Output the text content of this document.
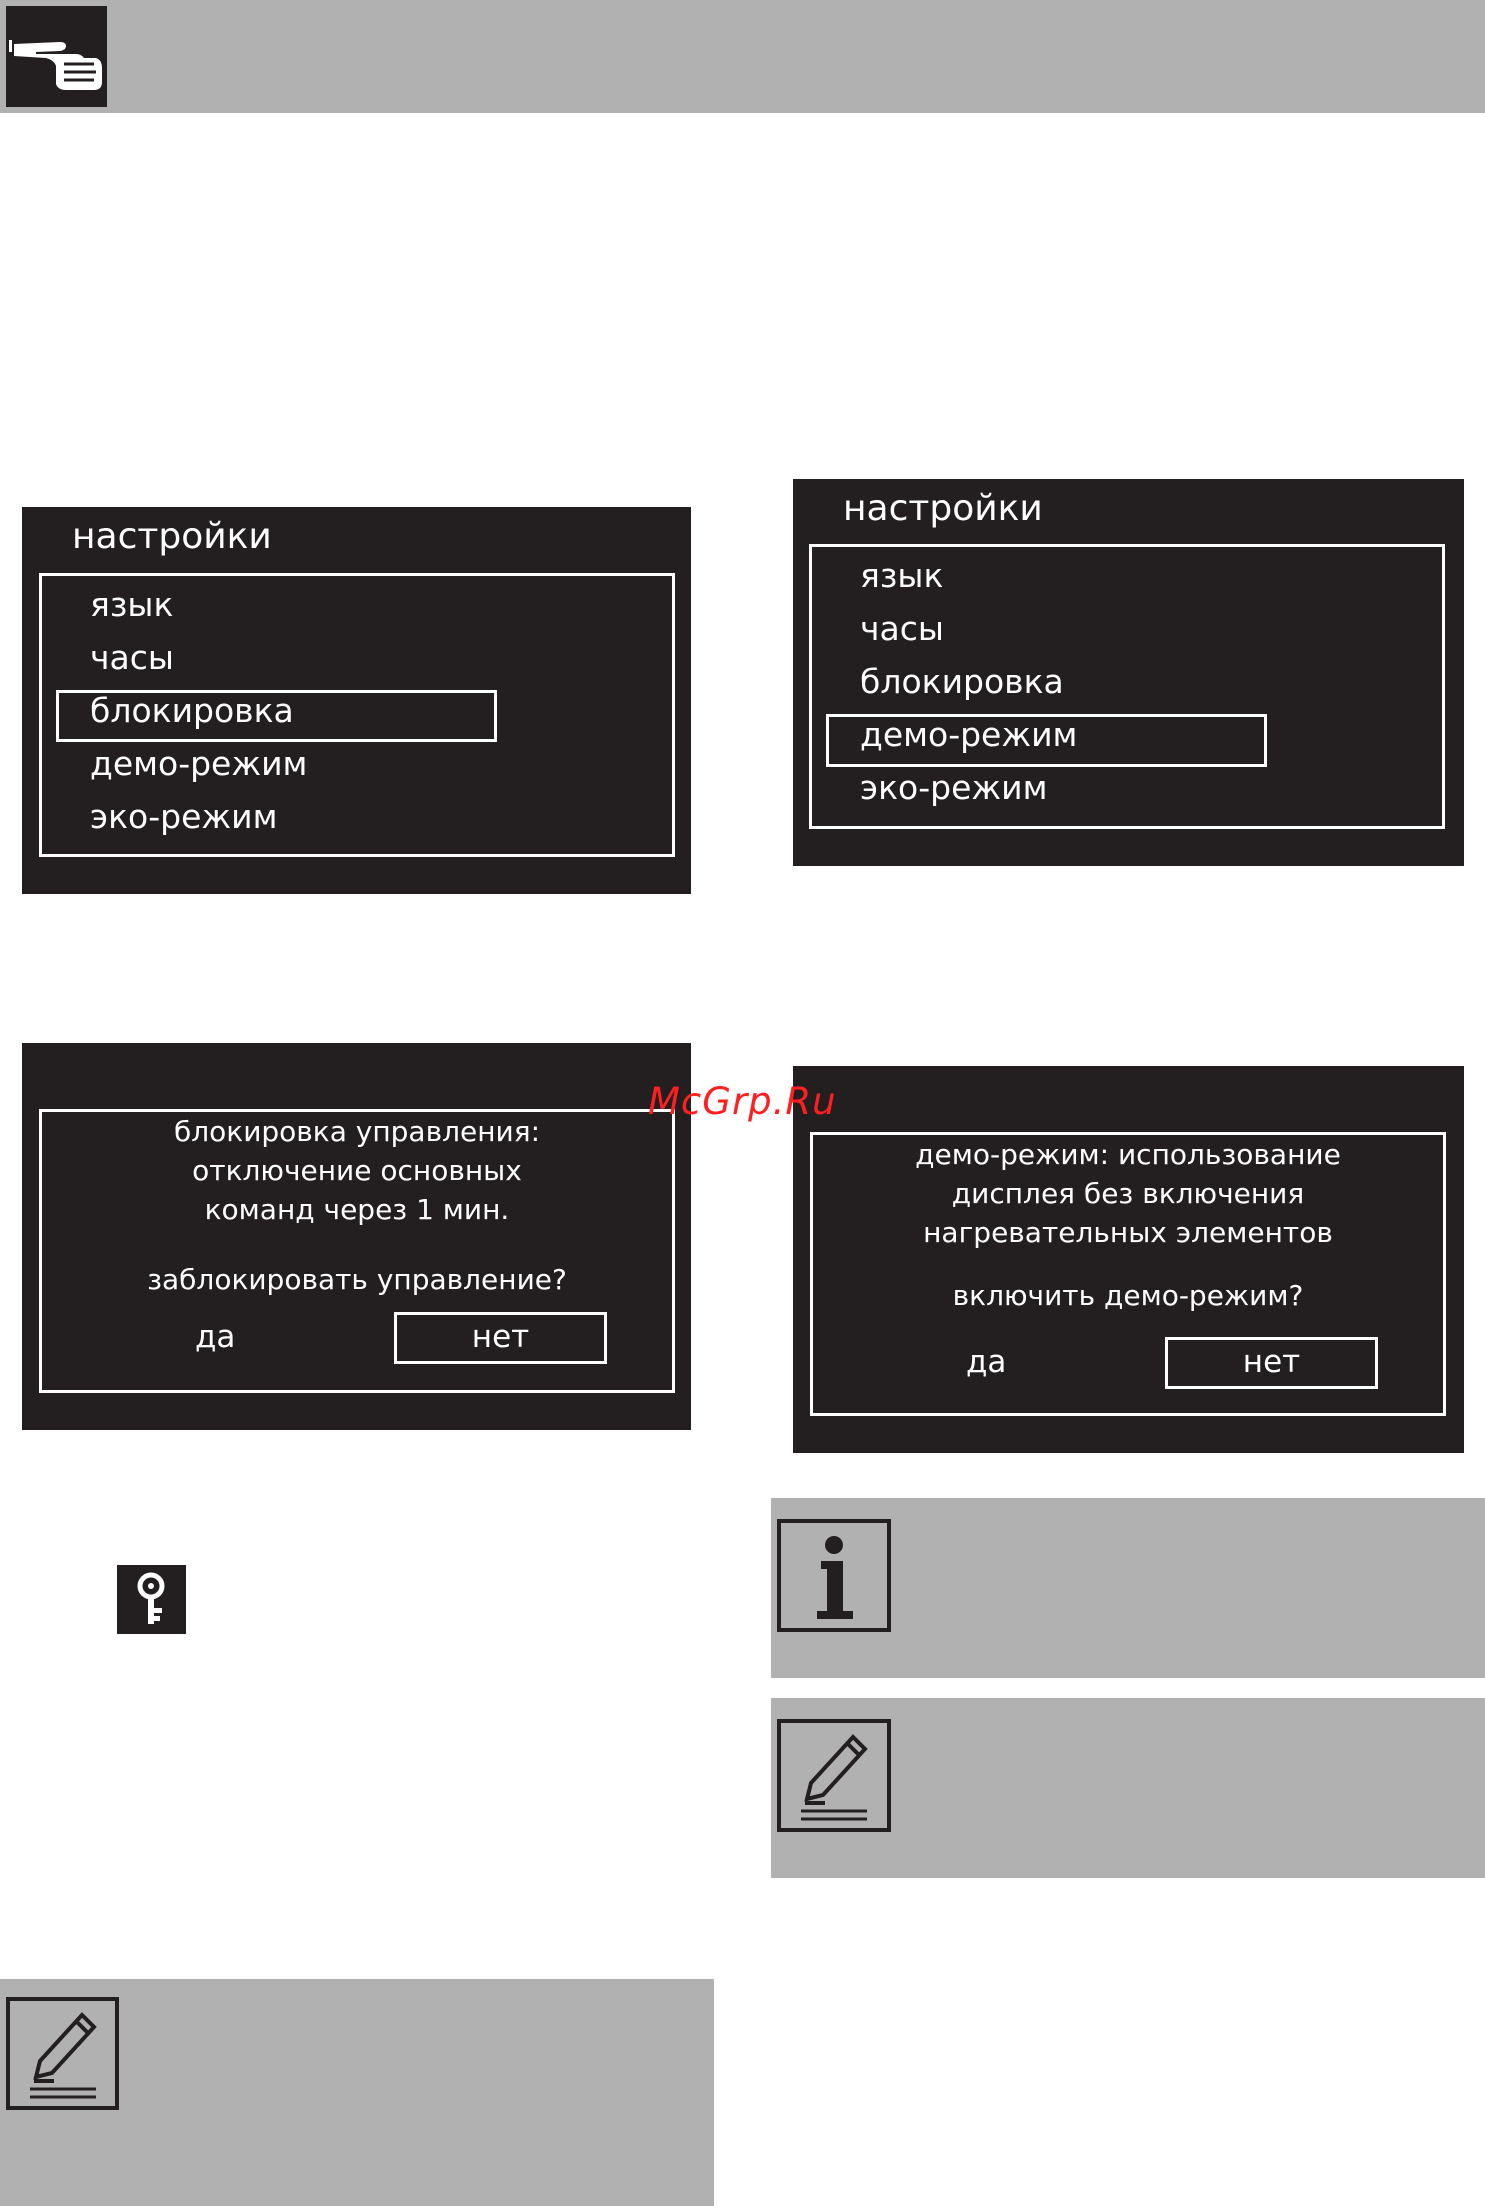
настройки
язык
часы
блокировка
демо-режим
эко-режим
настройки
язык
часы
блокировка
демо-режим
эко-режим
блокировка управления:
отключение основных
команд через 1 мин.
заблокировать управление?
да	нет
демо-режим: использование
дисплея без включения
нагревательных элементов
включить демо-режим?
да	нет
McGrp.Ru
